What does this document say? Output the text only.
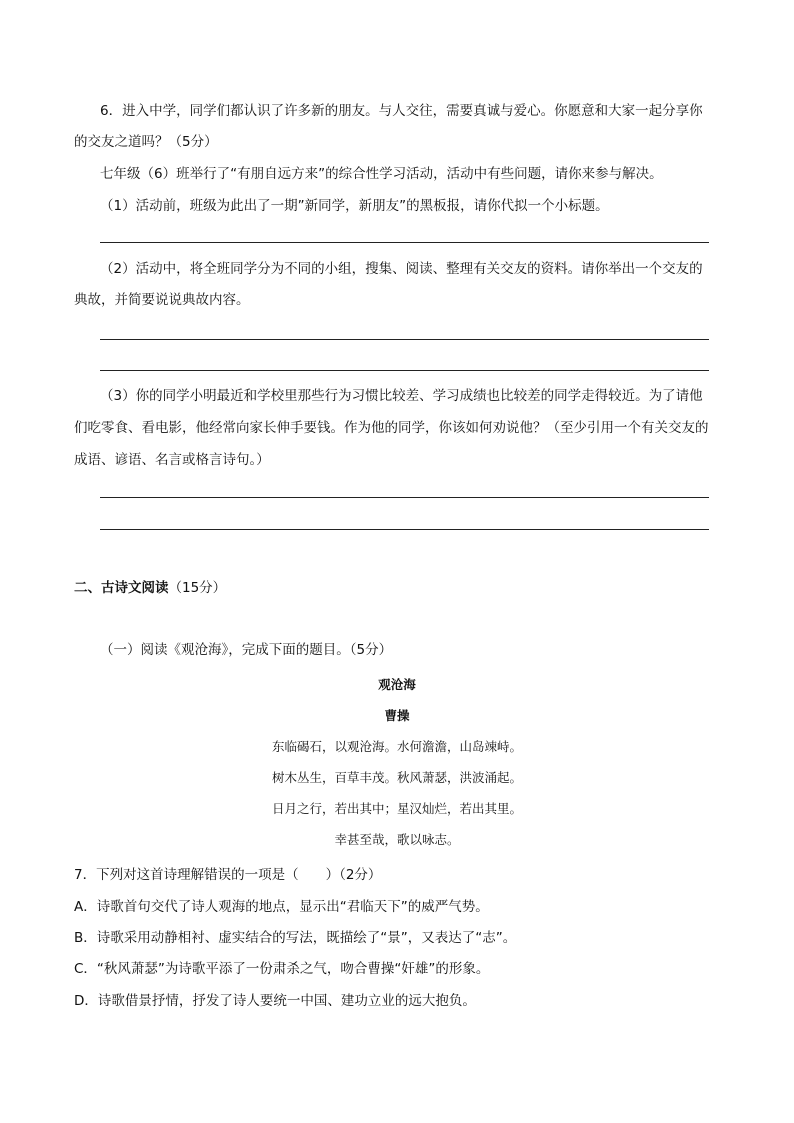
6．进入中学，同学们都认识了许多新的朋友。与人交往，需要真诚与爱心。你愿意和大家一起分享你
的交友之道吗？（5分）
七年级（6）班举行了“有朋自远方来”的综合性学习活动，活动中有些问题，请你来参与解决。
（1）活动前，班级为此出了一期”新同学，新朋友”的黑板报，请你代拟一个小标题。
（2）活动中，将全班同学分为不同的小组，搜集、阅读、整理有关交友的资料。请你举出一个交友的
典故，并简要说说典故内容。
（3）你的同学小明最近和学校里那些行为习惯比较差、学习成绩也比较差的同学走得较近。为了请他
们吃零食、看电影，他经常向家长伸手要钱。作为他的同学，你该如何劝说他？（至少引用一个有关交友的
成语、谚语、名言或格言诗句。）
二、古诗文阅读（15分）
（一）阅读《观沧海》，完成下面的题目。（5分）
观沧海
曹操
东临碣石，以观沧海。水何澹澹，山岛竦峙。
树木丛生，百草丰茂。秋风萧瑟，洪波涌起。
日月之行，若出其中；星汉灿烂，若出其里。
幸甚至哉，歌以咏志。
7．下列对这首诗理解错误的一项是（　　）（2分）
A．诗歌首句交代了诗人观海的地点，显示出“君临天下”的威严气势。
B．诗歌采用动静相衬、虚实结合的写法，既描绘了“景”，又表达了“志”。
C．“秋风萧瑟”为诗歌平添了一份肃杀之气，吻合曹操“奸雄”的形象。
D．诗歌借景抒情，抒发了诗人要统一中国、建功立业的远大抱负。
